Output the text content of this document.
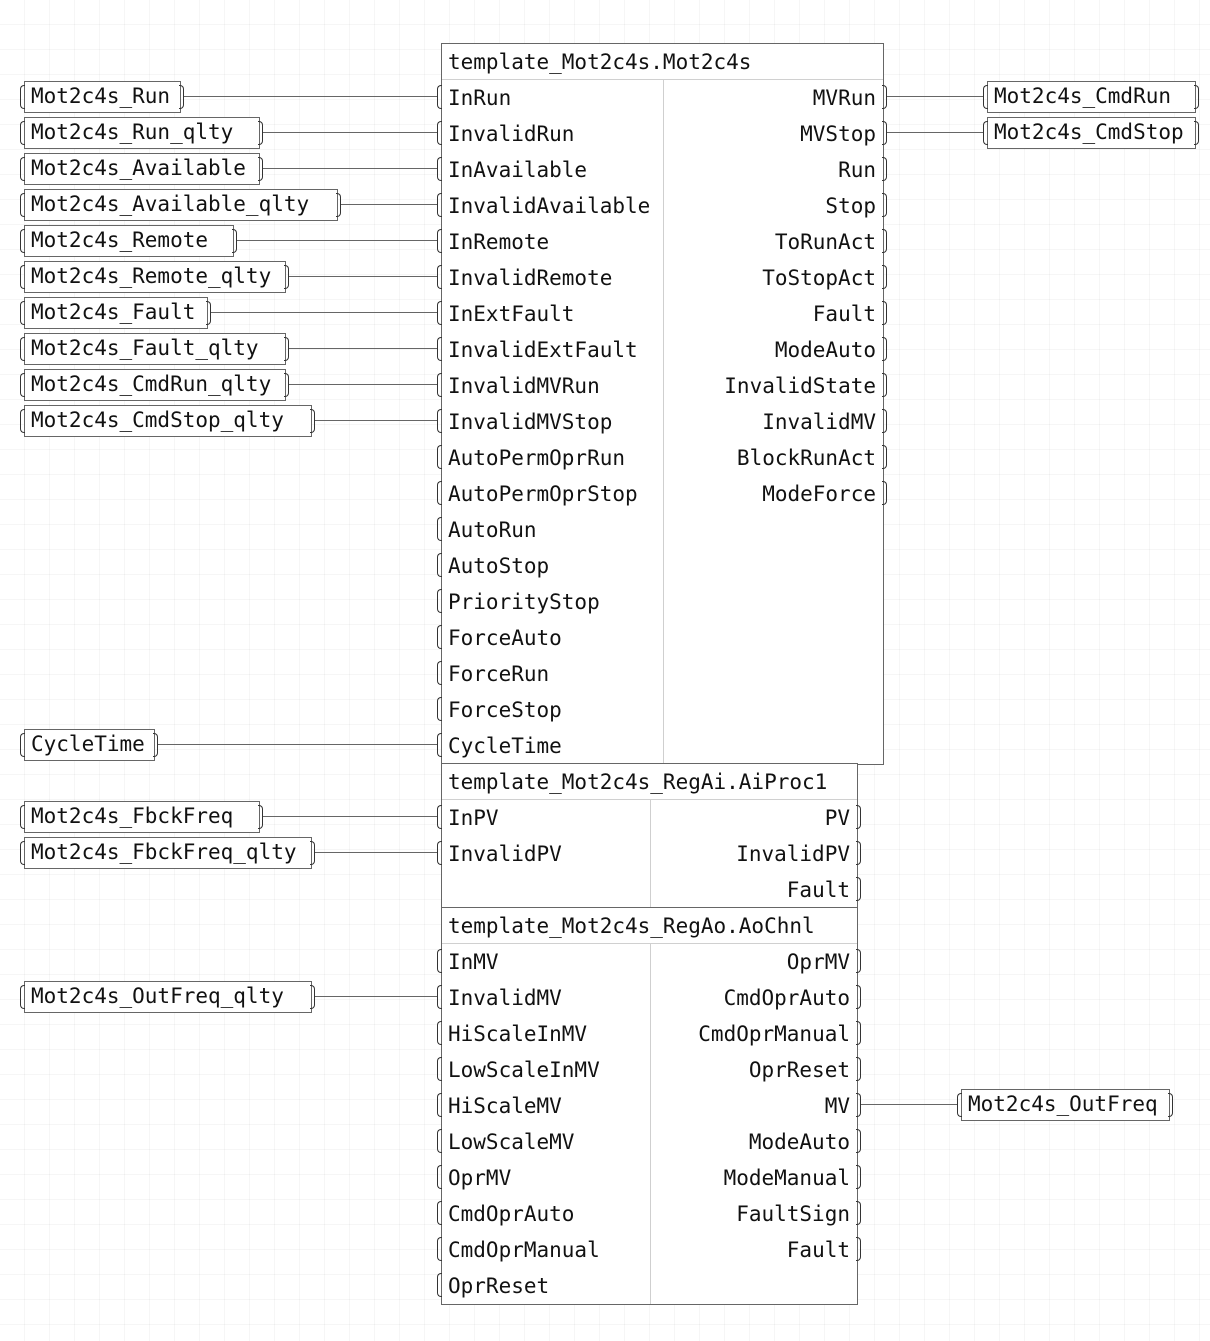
template_Mot2c4s.Mot2c4s
InRun
InvalidRun
InAvailable
InvalidAvailable
InRemote
InvalidRemote
InExtFault
InvalidExtFault
InvalidMVRun
InvalidMVStop
AutoPermOprRun
AutoPermOprStop
AutoRun
AutoStop
PriorityStop
ForceAuto
ForceRun
ForceStop
CycleTime
MVRun
MVStop
Run
Stop
ToRunAct
ToStopAct
Fault
ModeAuto
InvalidState
InvalidMV
BlockRunAct
ModeForce
template_Mot2c4s_RegAi.AiProc1
InPV
InvalidPV
PV
InvalidPV
Fault
template_Mot2c4s_RegAo.AoChnl
InMV
InvalidMV
HiScaleInMV
LowScaleInMV
HiScaleMV
LowScaleMV
OprMV
CmdOprAuto
CmdOprManual
OprReset
OprMV
CmdOprAuto
CmdOprManual
OprReset
MV
ModeAuto
ModeManual
FaultSign
Fault
Mot2c4s_Run
Mot2c4s_Run_qlty
Mot2c4s_Available
Mot2c4s_Available_qlty
Mot2c4s_Remote
Mot2c4s_Remote_qlty
Mot2c4s_Fault
Mot2c4s_Fault_qlty
Mot2c4s_CmdRun_qlty
Mot2c4s_CmdStop_qlty
CycleTime
Mot2c4s_FbckFreq
Mot2c4s_FbckFreq_qlty
Mot2c4s_OutFreq_qlty
Mot2c4s_CmdRun
Mot2c4s_CmdStop
Mot2c4s_OutFreq
